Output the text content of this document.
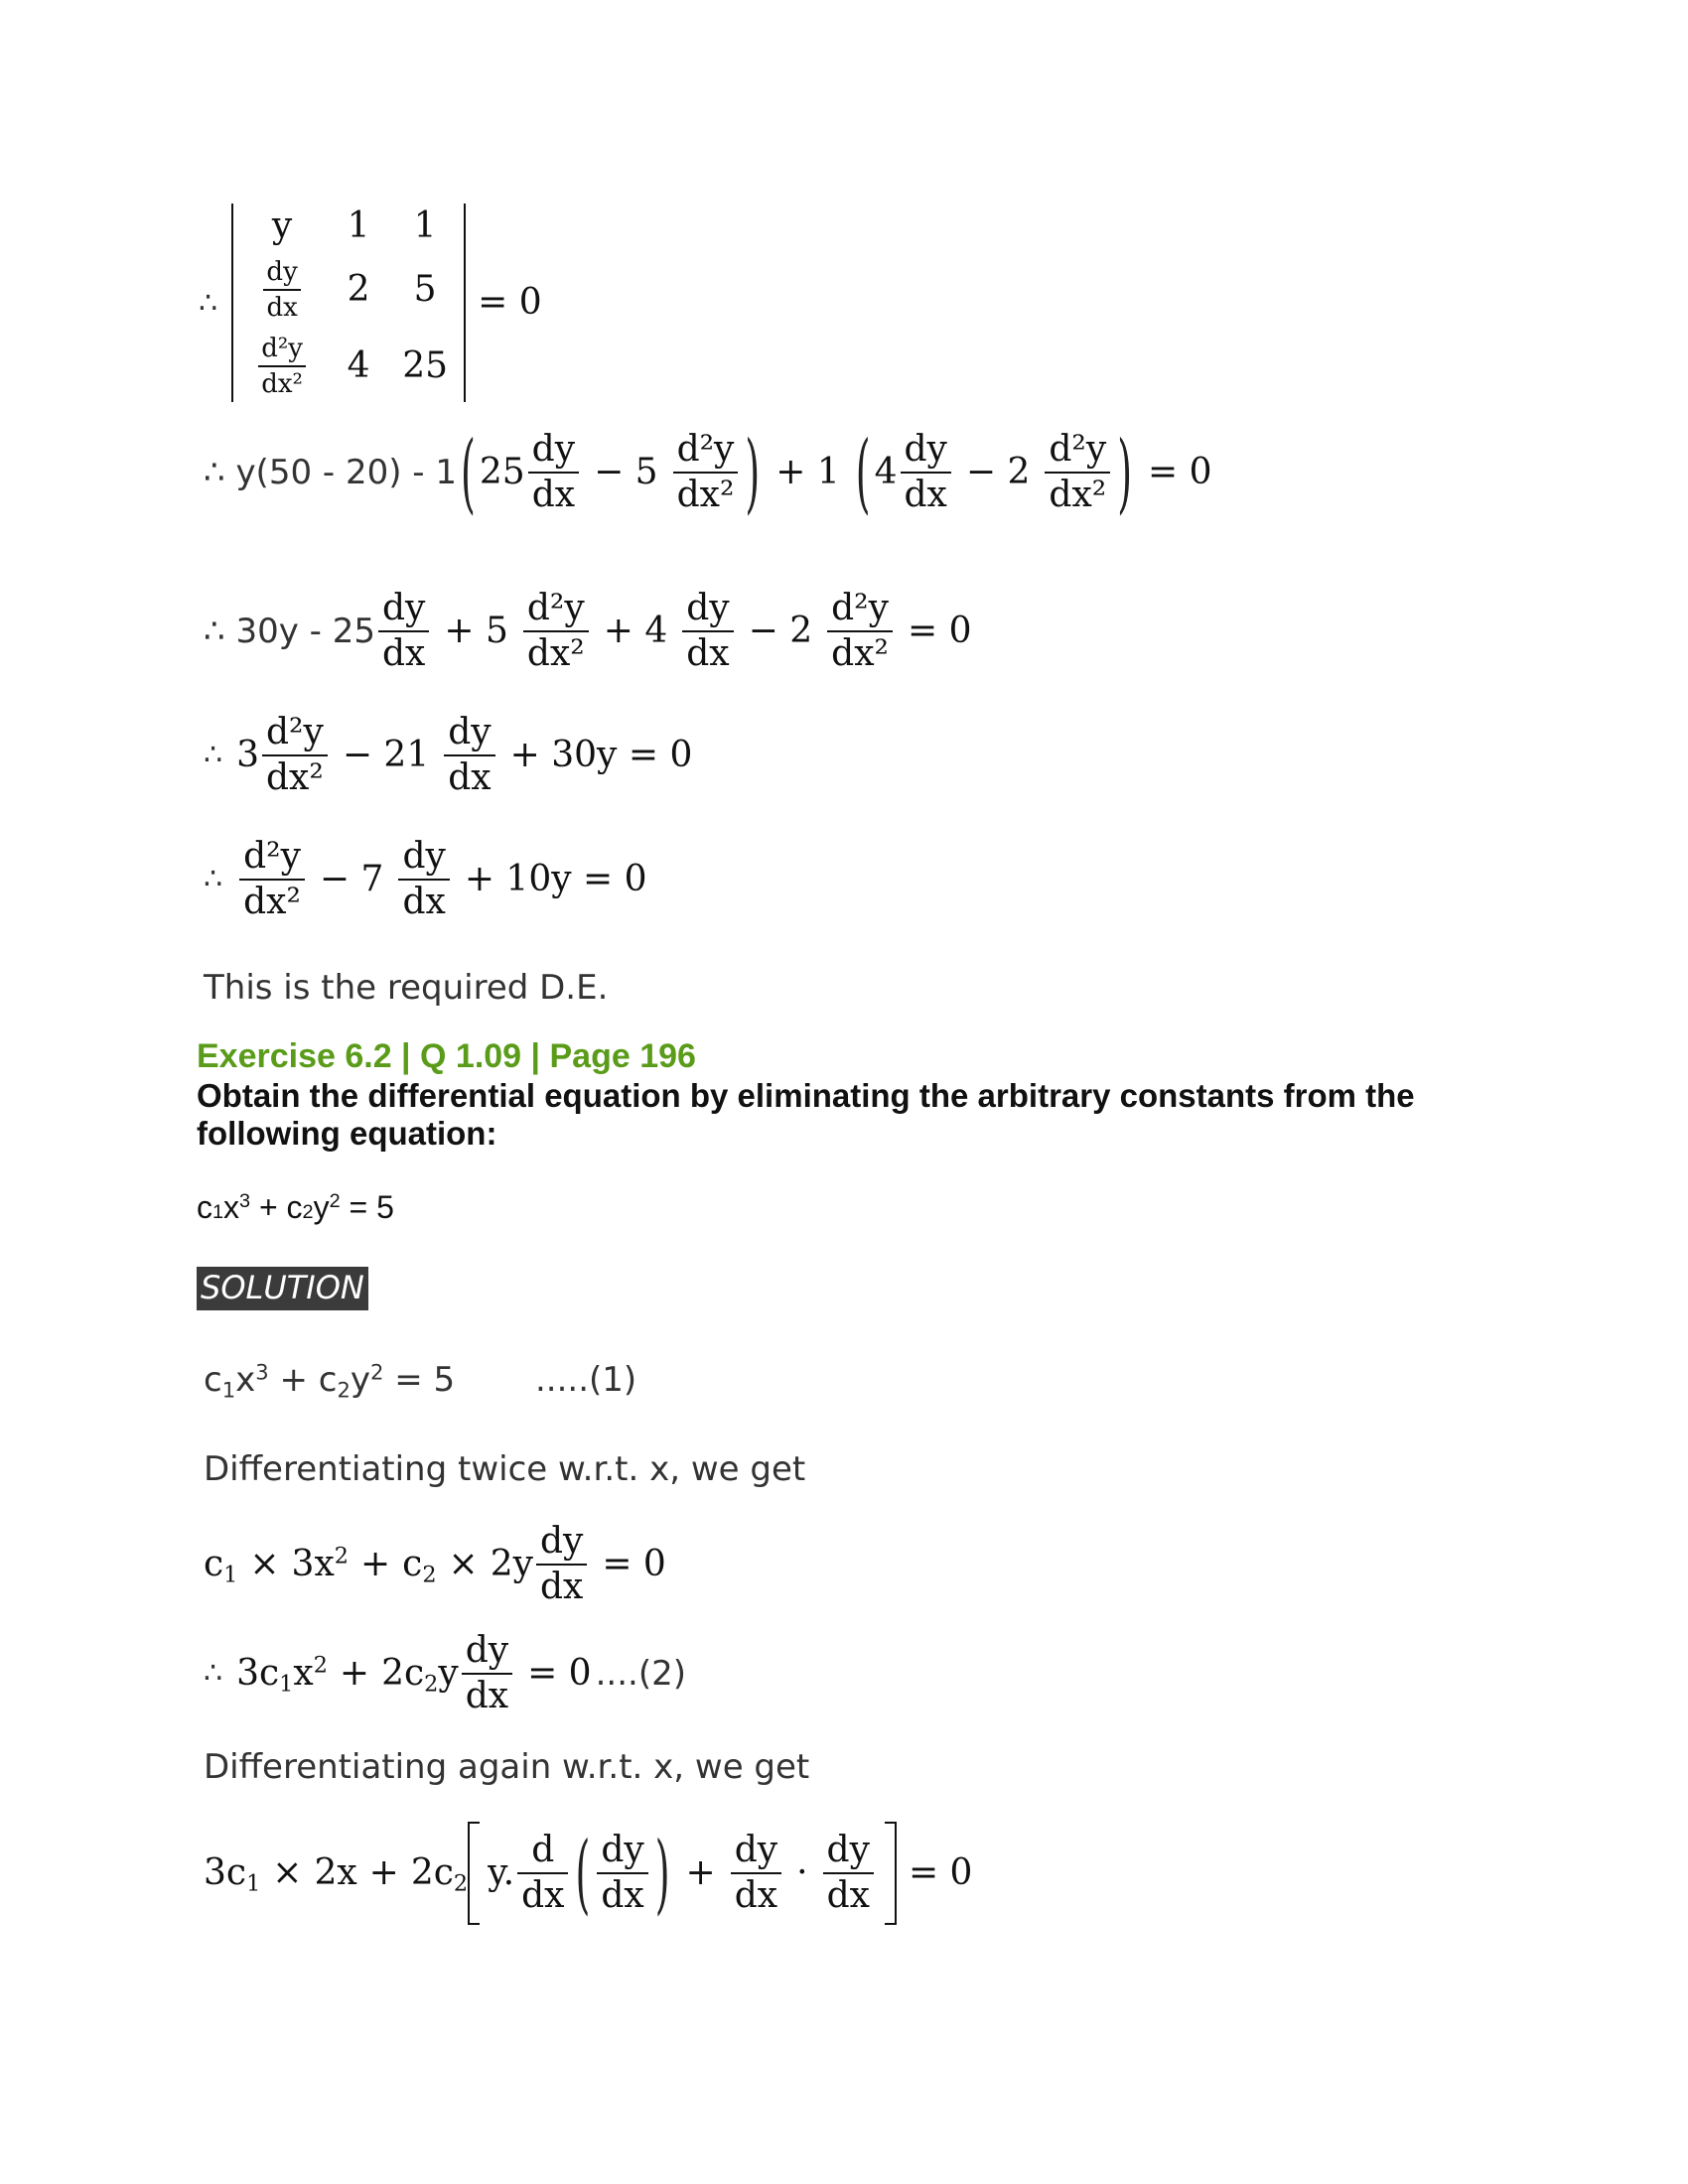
∴
y 1 1
$\frac{dy}{dx} 2$ 5
$\frac{\text{d²y}}{\text{dx²}} 4$ 25
= 0
∴ y(50 - 20) - 1 ( $25 \frac{dy}{dx} - 5 \frac{\text{d²y}}{\text{dx²}}$ ) + 1 ( $4 \frac{dy}{dx} - 2 \frac{\text{d²y}}{\text{dx²}}$ ) = 0
∴ $30y - 25 \frac{dy}{dx} + 5 \frac{\text{d²y}}{\text{dx²}} + 4 \frac{dy}{dx} - 2 \frac{\text{d²y}}{\text{dx²}} = 0$
∴ $3 \frac{\text{d²y}}{\text{dx²}} - 21 \frac{dy}{dx} + 30y = 0$
∴ $\frac{\text{d²y}}{\text{dx²}} - 7 \frac{dy}{dx} + 10y = 0$
This is the required D.E.
Exercise 6.2 | Q 1.09 | Page 196
Obtain the differential equation by eliminating the arbitrary constants from the
following equation:
$c1x^3 + c2y^2 = 5$
SOLUTION
$c_1x^3 + c_2y^2 = 5$ .....(1)
Differentiating twice w.r.t. x, we get
$c_1 \times 3x^2 + c_2 \times 2y \frac{dy}{dx} = 0$
∴ $3c_1x^2 + 2c_2y \frac{dy}{dx} = 0$ ....(2)
Differentiating again w.r.t. x, we get
$3c_1 \times 2x + 2c_2$ y. $\frac{d}{dx}$ ( $\frac{dy}{dx}$ ) + $\frac{dy}{dx} \cdot \frac{dy}{dx} = 0$
